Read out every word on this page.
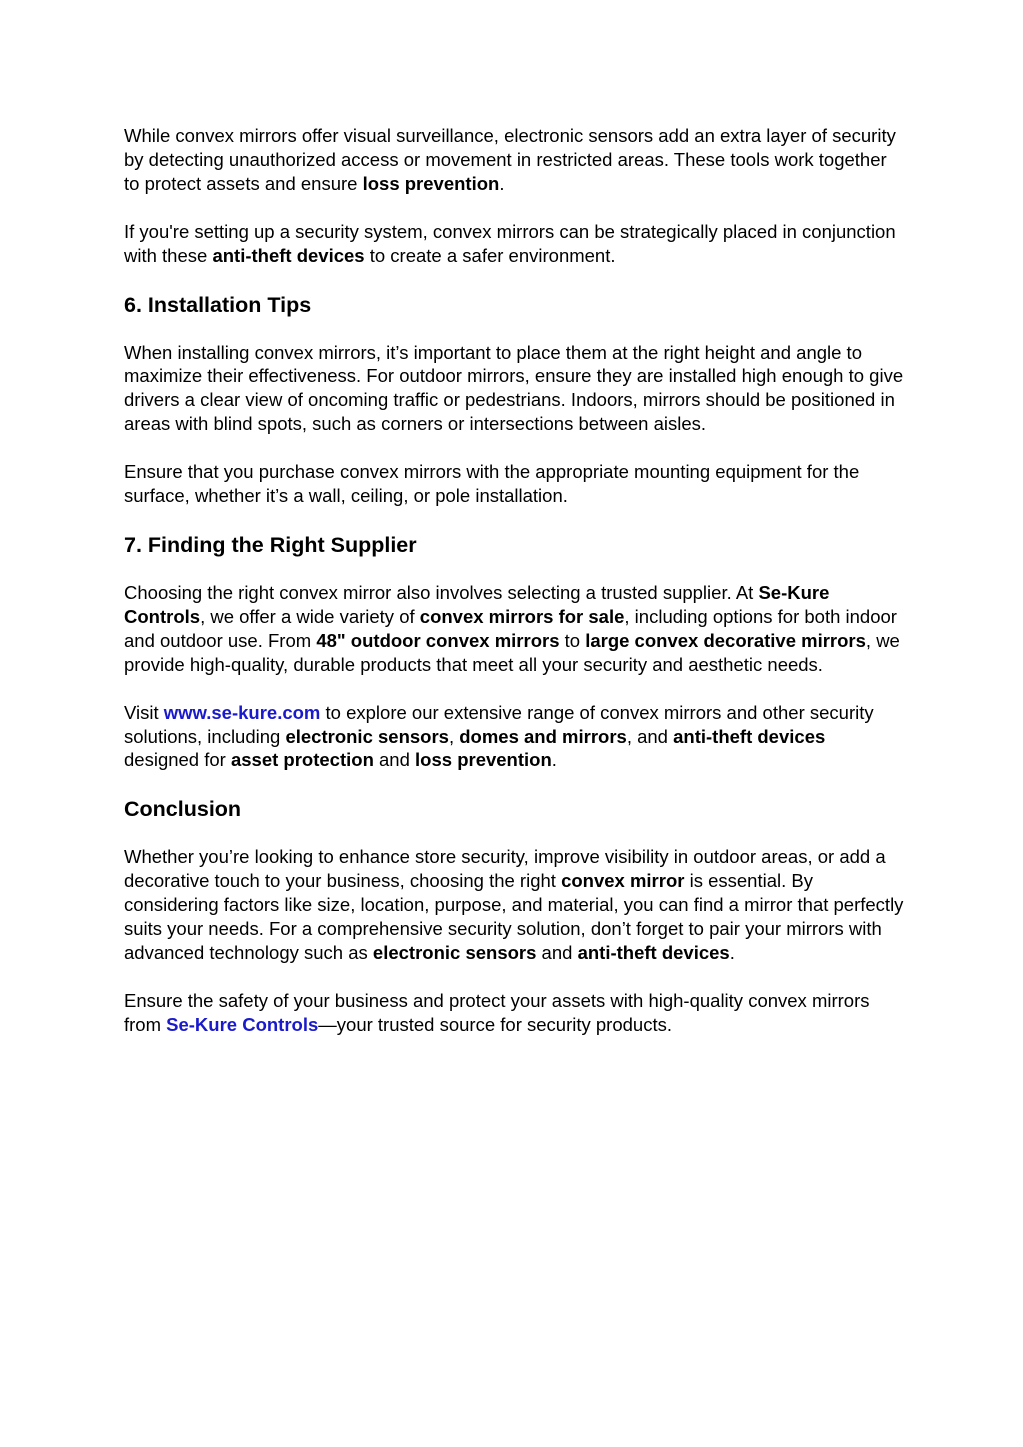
While convex mirrors offer visual surveillance, electronic sensors add an extra layer of security by detecting unauthorized access or movement in restricted areas. These tools work together to protect assets and ensure loss prevention.

If you're setting up a security system, convex mirrors can be strategically placed in conjunction with these anti-theft devices to create a safer environment.

6. Installation Tips

When installing convex mirrors, it’s important to place them at the right height and angle to maximize their effectiveness. For outdoor mirrors, ensure they are installed high enough to give drivers a clear view of oncoming traffic or pedestrians. Indoors, mirrors should be positioned in areas with blind spots, such as corners or intersections between aisles.

Ensure that you purchase convex mirrors with the appropriate mounting equipment for the surface, whether it’s a wall, ceiling, or pole installation.

7. Finding the Right Supplier

Choosing the right convex mirror also involves selecting a trusted supplier. At Se-Kure Controls, we offer a wide variety of convex mirrors for sale, including options for both indoor and outdoor use. From 48" outdoor convex mirrors to large convex decorative mirrors, we provide high-quality, durable products that meet all your security and aesthetic needs.

Visit www.se-kure.com to explore our extensive range of convex mirrors and other security solutions, including electronic sensors, domes and mirrors, and anti-theft devices designed for asset protection and loss prevention.

Conclusion

Whether you’re looking to enhance store security, improve visibility in outdoor areas, or add a decorative touch to your business, choosing the right convex mirror is essential. By considering factors like size, location, purpose, and material, you can find a mirror that perfectly suits your needs. For a comprehensive security solution, don’t forget to pair your mirrors with advanced technology such as electronic sensors and anti-theft devices.

Ensure the safety of your business and protect your assets with high-quality convex mirrors from Se-Kure Controls—your trusted source for security products.
